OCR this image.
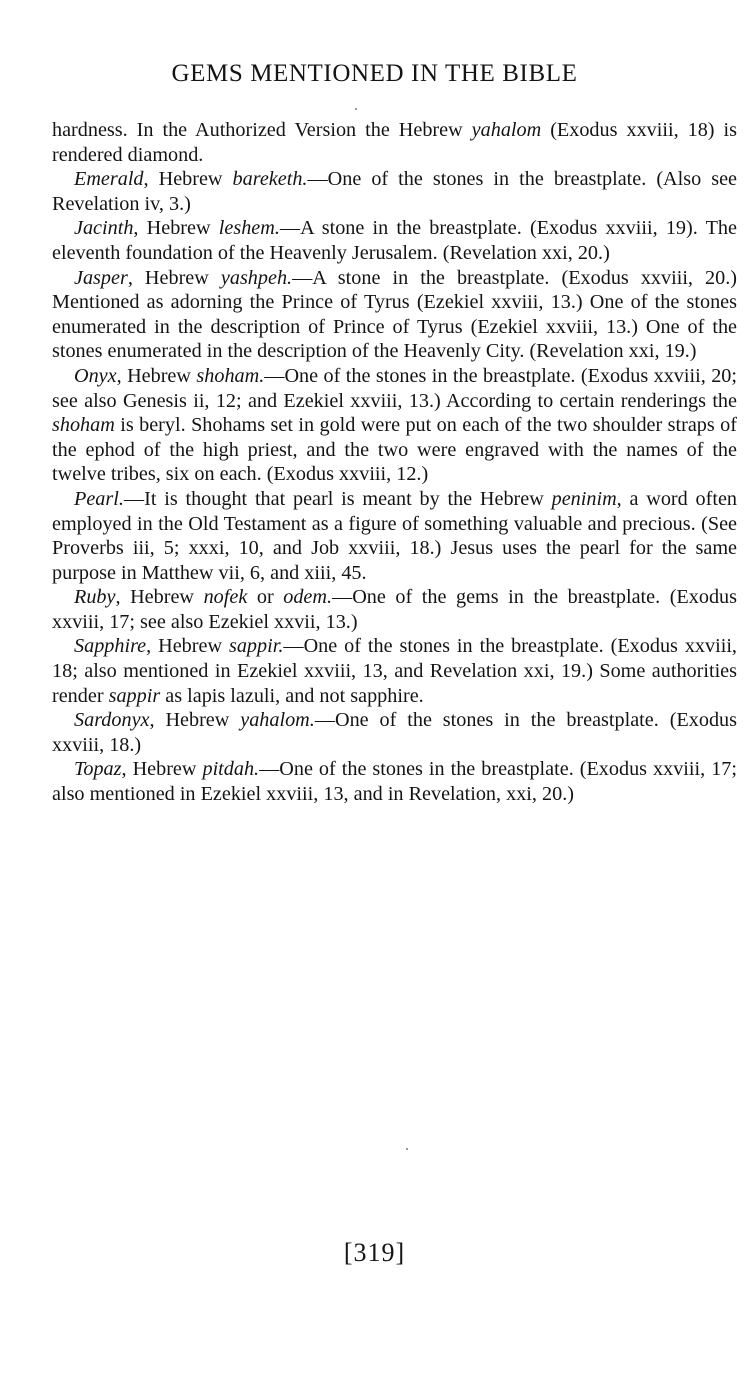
GEMS MENTIONED IN THE BIBLE

hardness. In the Authorized Version the Hebrew yahalom (Exodus xxviii, 18) is rendered diamond.

Emerald, Hebrew bareketh.—One of the stones in the breastplate. (Also see Revelation iv, 3.)

Jacinth, Hebrew leshem.—A stone in the breastplate. (Exodus xxviii, 19). The eleventh foundation of the Heavenly Jerusalem. (Revelation xxi, 20.)

Jasper, Hebrew yashpeh.—A stone in the breastplate. (Exodus xxviii, 20.) Mentioned as adorning the Prince of Tyrus (Ezekiel xxviii, 13.) One of the stones enumerated in the description of Prince of Tyrus (Ezekiel xxviii, 13.) One of the stones enumerated in the description of the Heavenly City. (Revelation xxi, 19.)

Onyx, Hebrew shoham.—One of the stones in the breastplate. (Exodus xxviii, 20; see also Genesis ii, 12; and Ezekiel xxviii, 13.) According to certain renderings the shoham is beryl. Shohams set in gold were put on each of the two shoulder straps of the ephod of the high priest, and the two were engraved with the names of the twelve tribes, six on each. (Exodus xxviii, 12.)

Pearl.—It is thought that pearl is meant by the Hebrew peninim, a word often employed in the Old Testament as a figure of something valuable and precious. (See Proverbs iii, 5; xxxi, 10, and Job xxviii, 18.) Jesus uses the pearl for the same purpose in Matthew vii, 6, and xiii, 45.

Ruby, Hebrew nofek or odem.—One of the gems in the breastplate. (Exodus xxviii, 17; see also Ezekiel xxvii, 13.)

Sapphire, Hebrew sappir.—One of the stones in the breastplate. (Exodus xxviii, 18; also mentioned in Ezekiel xxviii, 13, and Revelation xxi, 19.) Some authorities render sappir as lapis lazuli, and not sapphire.

Sardonyx, Hebrew yahalom.—One of the stones in the breastplate. (Exodus xxviii, 18.)

Topaz, Hebrew pitdah.—One of the stones in the breastplate. (Exodus xxviii, 17; also mentioned in Ezekiel xxviii, 13, and in Revelation, xxi, 20.)

[319]
